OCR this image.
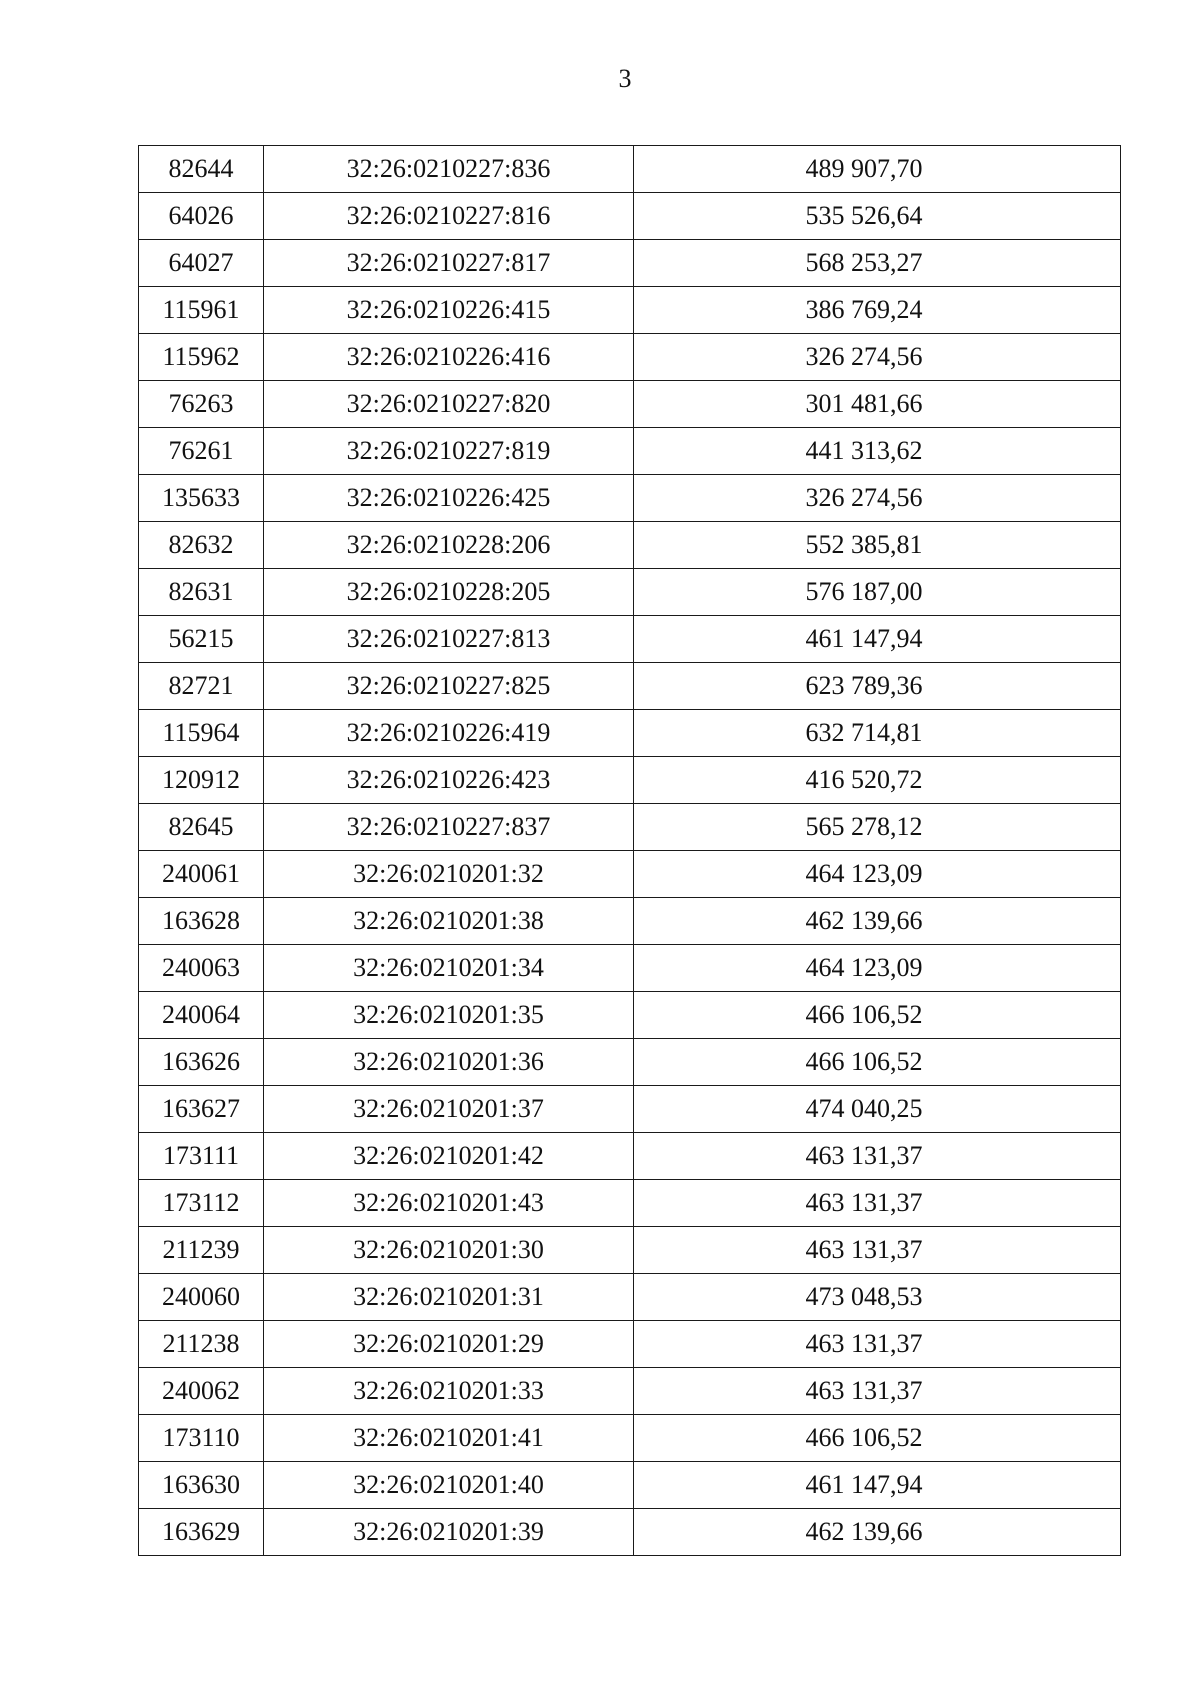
3
82644	32:26:0210227:836	489 907,70
64026	32:26:0210227:816	535 526,64
64027	32:26:0210227:817	568 253,27
115961	32:26:0210226:415	386 769,24
115962	32:26:0210226:416	326 274,56
76263	32:26:0210227:820	301 481,66
76261	32:26:0210227:819	441 313,62
135633	32:26:0210226:425	326 274,56
82632	32:26:0210228:206	552 385,81
82631	32:26:0210228:205	576 187,00
56215	32:26:0210227:813	461 147,94
82721	32:26:0210227:825	623 789,36
115964	32:26:0210226:419	632 714,81
120912	32:26:0210226:423	416 520,72
82645	32:26:0210227:837	565 278,12
240061	32:26:0210201:32	464 123,09
163628	32:26:0210201:38	462 139,66
240063	32:26:0210201:34	464 123,09
240064	32:26:0210201:35	466 106,52
163626	32:26:0210201:36	466 106,52
163627	32:26:0210201:37	474 040,25
173111	32:26:0210201:42	463 131,37
173112	32:26:0210201:43	463 131,37
211239	32:26:0210201:30	463 131,37
240060	32:26:0210201:31	473 048,53
211238	32:26:0210201:29	463 131,37
240062	32:26:0210201:33	463 131,37
173110	32:26:0210201:41	466 106,52
163630	32:26:0210201:40	461 147,94
163629	32:26:0210201:39	462 139,66
